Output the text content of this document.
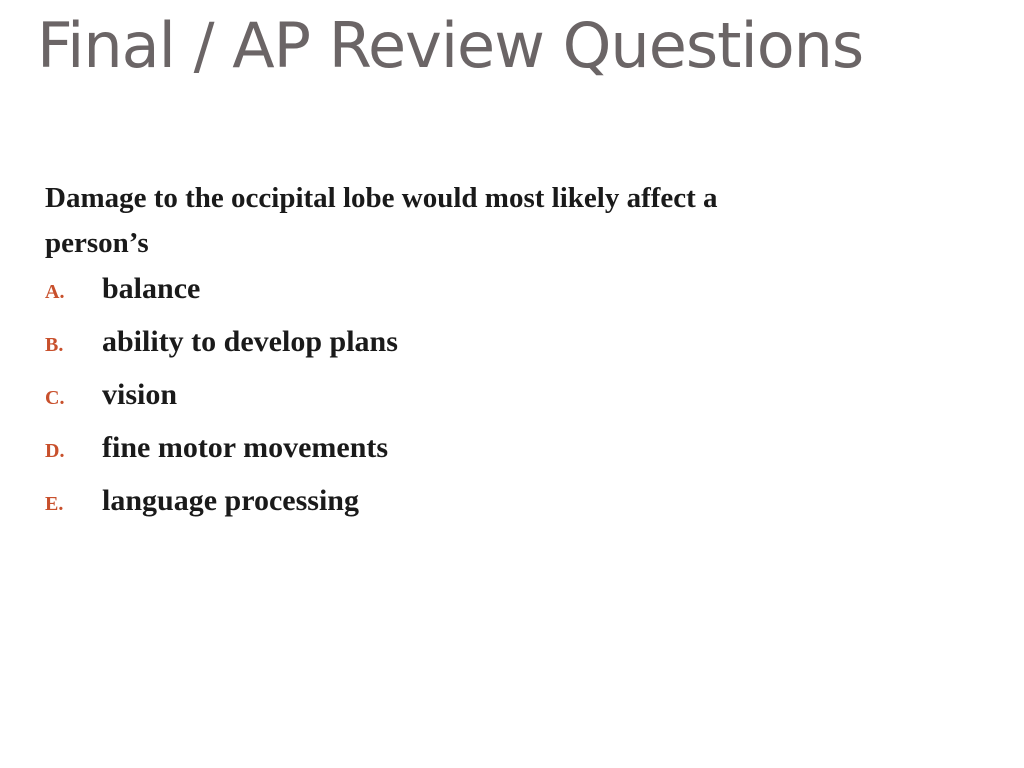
Final / AP Review Questions

Damage to the occipital lobe would most likely affect a person’s

A.	balance
B.	ability to develop plans
C.	vision
D.	fine motor movements
E.	language processing
